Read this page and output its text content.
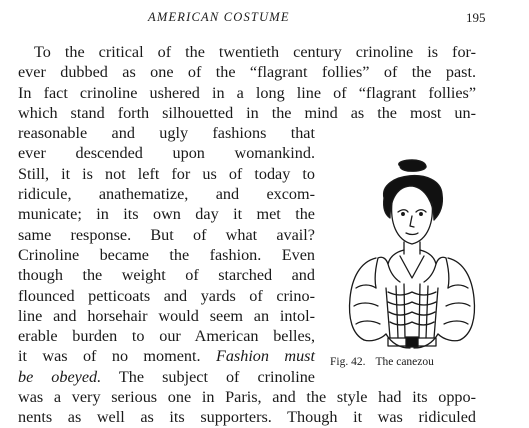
AMERICAN COSTUME	195
To the critical of the twentieth century crinoline is for-
ever dubbed as one of the “flagrant follies” of the past.
In fact crinoline ushered in a long line of “flagrant follies”
which stand forth silhouetted in the mind as the most un-
reasonable and ugly fashions that
ever descended upon womankind.
Still, it is not left for us of today to
ridicule, anathematize, and excom-
municate; in its own day it met the
same response. But of what avail?
Crinoline became the fashion. Even
though the weight of starched and
flounced petticoats and yards of crino-
line and horsehair would seem an intol-
erable burden to our American belles,
it was of no moment. Fashion must
be obeyed. The subject of crinoline
was a very serious one in Paris, and the style had its oppo-
nents as well as its supporters. Though it was ridiculed
Fig. 42. The canezou
